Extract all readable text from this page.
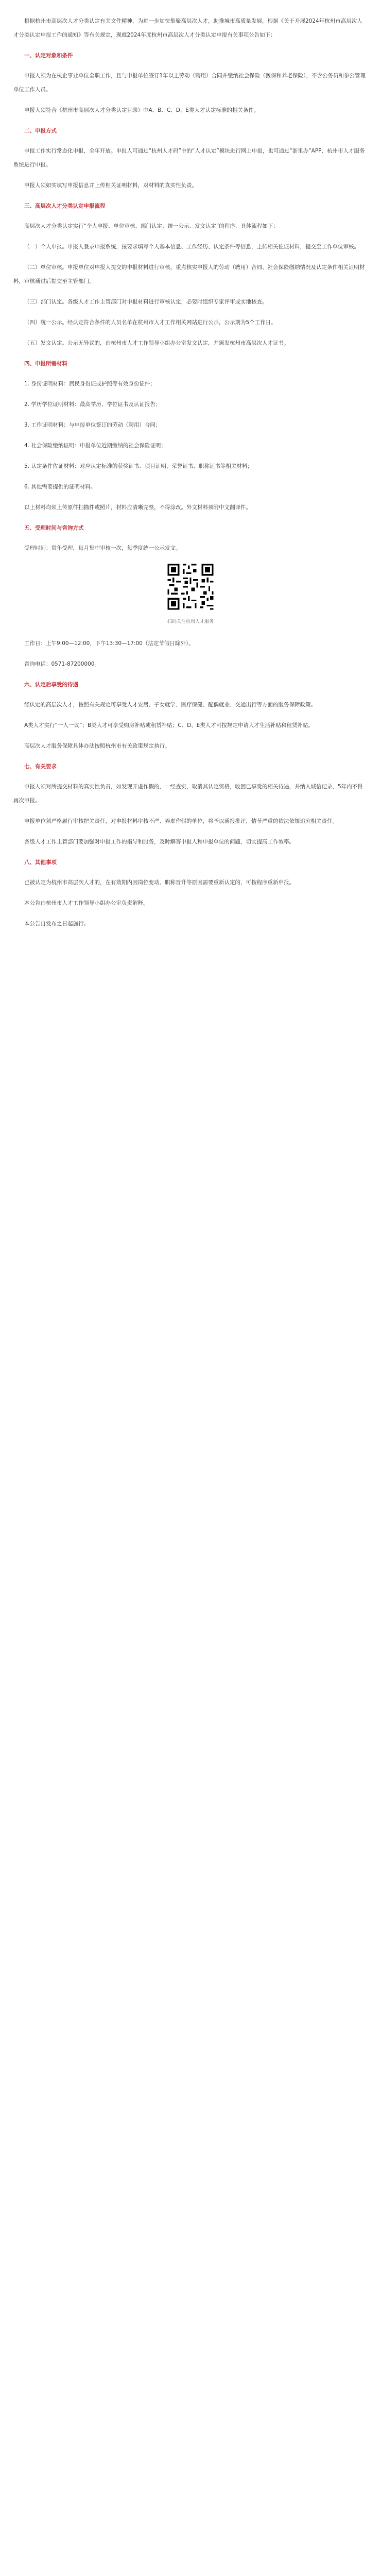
根据杭州市高层次人才分类认定有关文件精神，为进一步加快集聚高层次人才，助推城市高质量发展，根据《关于开展2024年杭州市高层次人才分类认定申报工作的通知》等有关规定，现就2024年度杭州市高层次人才分类认定申报有关事项公告如下：

一、认定对象和条件

申报人须为在杭企事业单位全职工作，且与申报单位签订1年以上劳动（聘用）合同并缴纳社会保险（医保和养老保险），不含公务员和参公管理单位工作人员。

申报人须符合《杭州市高层次人才分类认定目录》中A、B、C、D、E类人才认定标准的相关条件。

二、申报方式

申报工作实行常态化申报，全年开放。申报人可通过“杭州人才码”中的“人才认定”模块进行网上申报，也可通过“浙里办”APP、杭州市人才服务系统进行申报。

申报人须如实填写申报信息并上传相关证明材料，对材料的真实性负责。

三、高层次人才分类认定申报流程

高层次人才分类认定实行“个人申报、单位审核、部门认定、统一公示、发文认定”的程序，具体流程如下：

（一）个人申报。申报人登录申报系统，按要求填写个人基本信息、工作经历、认定条件等信息，上传相关佐证材料，提交至工作单位审核。

（二）单位审核。申报单位对申报人提交的申报材料进行审核，重点核实申报人的劳动（聘用）合同、社会保险缴纳情况及认定条件相关证明材料，审核通过后提交至主管部门。

（三）部门认定。各级人才工作主管部门对申报材料进行审核认定，必要时组织专家评审或实地核查。

（四）统一公示。经认定符合条件的人员名单在杭州市人才工作相关网站进行公示，公示期为5个工作日。

（五）发文认定。公示无异议的，由杭州市人才工作领导小组办公室发文认定，并颁发杭州市高层次人才证书。

四、申报所需材料

1. 身份证明材料：居民身份证或护照等有效身份证件；

2. 学历学位证明材料：最高学历、学位证书及认证报告；

3. 工作证明材料：与申报单位签订的劳动（聘用）合同；

4. 社会保险缴纳证明：申报单位近期缴纳的社会保险证明；

5. 认定条件佐证材料：对应认定标准的获奖证书、项目证明、荣誉证书、职称证书等相关材料；

6. 其他需要提供的证明材料。

以上材料均须上传原件扫描件或照片，材料应清晰完整，不得涂改。外文材料须附中文翻译件。

五、受理时间与咨询方式

受理时间：常年受理，每月集中审核一次，每季度统一公示发文。

扫码关注杭州人才服务

工作日：上午9:00—12:00，下午13:30—17:00（法定节假日除外）。

咨询电话：0571-87200000。

六、认定后享受的待遇

经认定的高层次人才，按照有关规定可享受人才安居、子女就学、医疗保健、配偶就业、交通出行等方面的服务保障政策。

A类人才实行“一人一议”；B类人才可享受购房补贴或租赁补贴；C、D、E类人才可按规定申请人才生活补贴和租赁补贴。

高层次人才服务保障具体办法按照杭州市有关政策规定执行。

七、有关要求

申报人须对所提交材料的真实性负责，如发现弄虚作假的，一经查实，取消其认定资格，收回已享受的相关待遇，并纳入诚信记录，5年内不得再次申报。

申报单位须严格履行审核把关责任，对申报材料审核不严、弄虚作假的单位，将予以通报批评，情节严重的依法依规追究相关责任。

各级人才工作主管部门要加强对申报工作的指导和服务，及时解答申报人和申报单位的问题，切实提高工作效率。

八、其他事项

已被认定为杭州市高层次人才的，在有效期内因岗位变动、职称晋升等原因需要重新认定的，可按程序重新申报。

本公告由杭州市人才工作领导小组办公室负责解释。

本公告自发布之日起施行。
